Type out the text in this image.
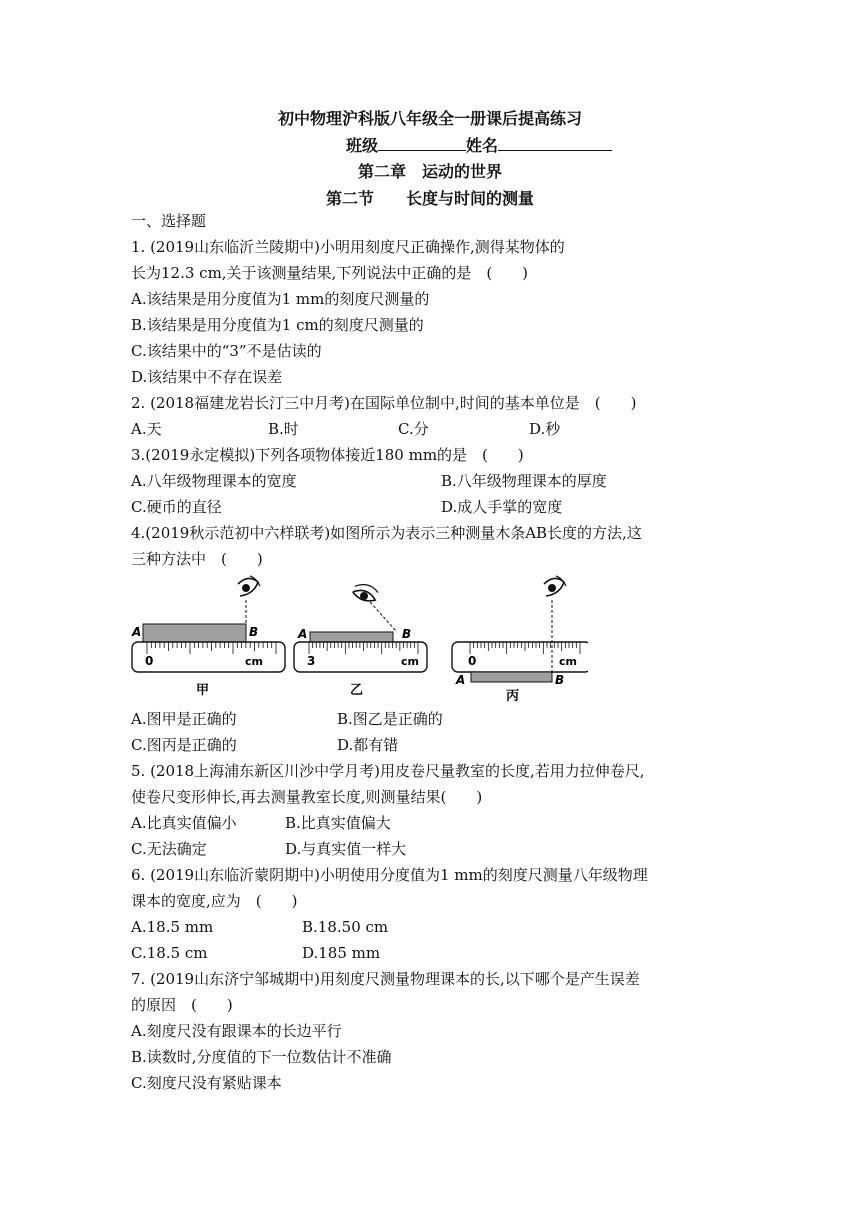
初中物理沪科版八年级全一册课后提高练习
班级	姓名
第二章　运动的世界
第二节　　长度与时间的测量
一、选择题
1. (2019山东临沂兰陵期中)小明用刻度尺正确操作,测得某物体的
长为12.3 cm,关于该测量结果,下列说法中正确的是　(　　)
A.该结果是用分度值为1 mm的刻度尺测量的
B.该结果是用分度值为1 cm的刻度尺测量的
C.该结果中的“3”不是估读的
D.该结果中不存在误差
2. (2018福建龙岩长汀三中月考)在国际单位制中,时间的基本单位是　(　　)
A.天	B.时	C.分	D.秒
3.(2019永定模拟)下列各项物体接近180 mm的是　(　　)
A.八年级物理课本的宽度	B.八年级物理课本的厚度
C.硬币的直径	D.成人手掌的宽度
4.(2019秋示范初中六样联考)如图所示为表示三种测量木条AB长度的方法,这
三种方法中　(　　)
A	B
0	cm
甲
A	B
3	cm
乙
A	B
0	cm
丙
A.图甲是正确的	B.图乙是正确的
C.图丙是正确的	D.都有错
5. (2018上海浦东新区川沙中学月考)用皮卷尺量教室的长度,若用力拉伸卷尺,
使卷尺变形伸长,再去测量教室长度,则测量结果(　　)
A.比真实值偏小	B.比真实值偏大
C.无法确定	D.与真实值一样大
6. (2019山东临沂蒙阴期中)小明使用分度值为1 mm的刻度尺测量八年级物理
课本的宽度,应为　(　　)
A.18.5 mm	B.18.50 cm
C.18.5 cm	D.185 mm
7. (2019山东济宁邹城期中)用刻度尺测量物理课本的长,以下哪个是产生误差
的原因　(　　)
A.刻度尺没有跟课本的长边平行
B.读数时,分度值的下一位数估计不准确
C.刻度尺没有紧贴课本
